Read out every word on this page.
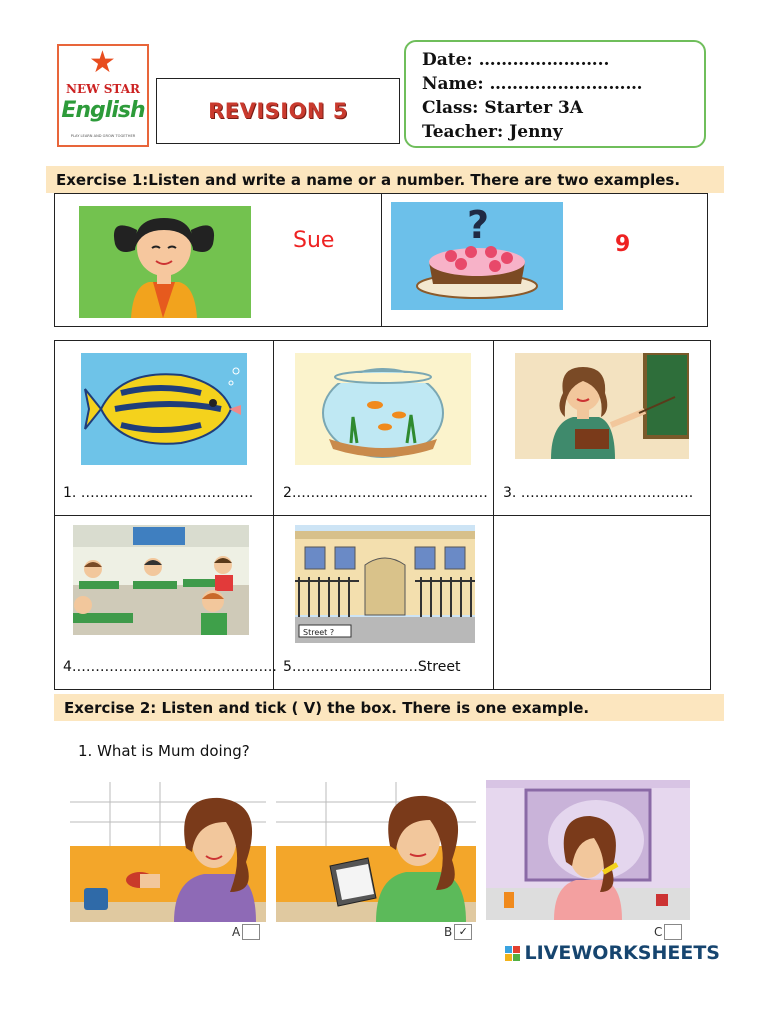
★
NEW STAR
English
PLAY LEARN AND GROW TOGETHER
REVISION 5
Date: …………………..
Name: ………………………
Class: Starter 3A
Teacher: Jenny
Exercise 1:Listen and write a name or a number. There are two examples.
Sue	?	9
1. ………………………………. 2…………………………………… 3. ……………………………….
4……………………………………..
Street ?
5………………………Street
Exercise 2: Listen and tick ( V) the box. There is one example.
1. What is Mum doing?
A	B ✓	C
LIVEWORKSHEETS
